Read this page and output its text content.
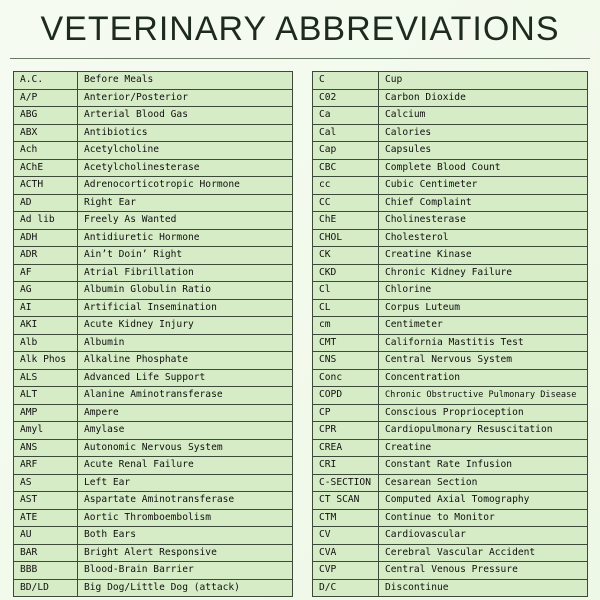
VETERINARY ABBREVIATIONS
A.C.	Before Meals
A/P	Anterior/Posterior
ABG	Arterial Blood Gas
ABX	Antibiotics
Ach	Acetylcholine
AChE	Acetylcholinesterase
ACTH	Adrenocorticotropic Hormone
AD	Right Ear
Ad lib	Freely As Wanted
ADH	Antidiuretic Hormone
ADR	Ain’t Doin’ Right
AF	Atrial Fibrillation
AG	Albumin Globulin Ratio
AI	Artificial Insemination
AKI	Acute Kidney Injury
Alb	Albumin
Alk Phos	Alkaline Phosphate
ALS	Advanced Life Support
ALT	Alanine Aminotransferase
AMP	Ampere
Amyl	Amylase
ANS	Autonomic Nervous System
ARF	Acute Renal Failure
AS	Left Ear
AST	Aspartate Aminotransferase
ATE	Aortic Thromboembolism
AU	Both Ears
BAR	Bright Alert Responsive
BBB	Blood-Brain Barrier
BD/LD	Big Dog/Little Dog (attack)
C	Cup
C02	Carbon Dioxide
Ca	Calcium
Cal	Calories
Cap	Capsules
CBC	Complete Blood Count
cc	Cubic Centimeter
CC	Chief Complaint
ChE	Cholinesterase
CHOL	Cholesterol
CK	Creatine Kinase
CKD	Chronic Kidney Failure
Cl	Chlorine
CL	Corpus Luteum
cm	Centimeter
CMT	California Mastitis Test
CNS	Central Nervous System
Conc	Concentration
COPD	Chronic Obstructive Pulmonary Disease
CP	Conscious Proprioception
CPR	Cardiopulmonary Resuscitation
CREA	Creatine
CRI	Constant Rate Infusion
C-SECTION	Cesarean Section
CT SCAN	Computed Axial Tomography
CTM	Continue to Monitor
CV	Cardiovascular
CVA	Cerebral Vascular Accident
CVP	Central Venous Pressure
D/C	Discontinue
